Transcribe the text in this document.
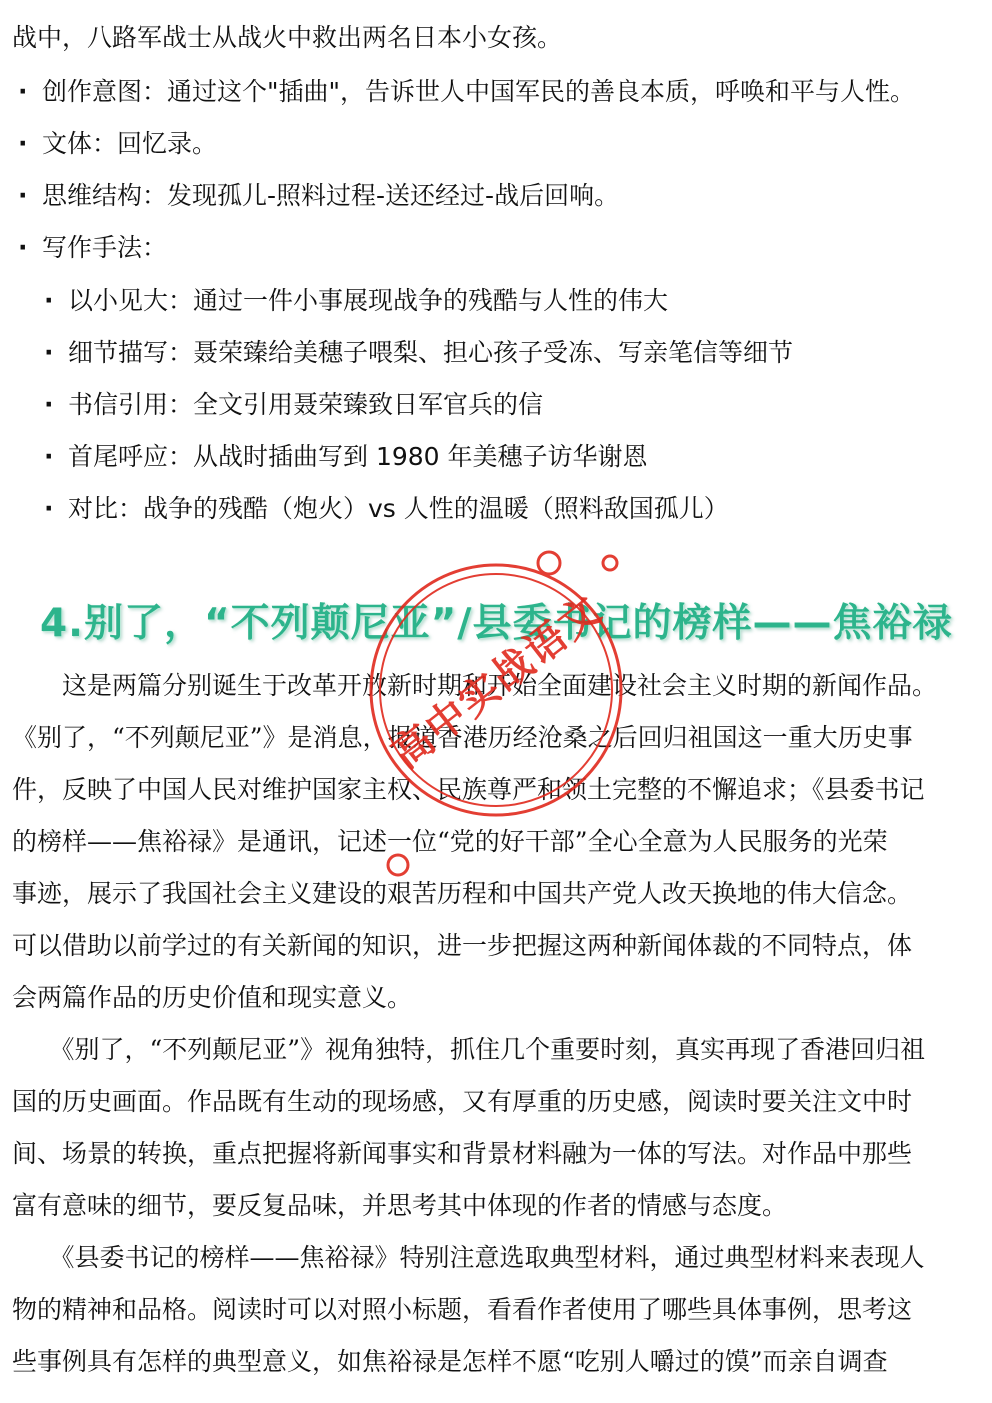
战中，八路军战士从战火中救出两名日本小女孩。
· 创作意图：通过这个"插曲"，告诉世人中国军民的善良本质，呼唤和平与人性。
· 文体：回忆录。
· 思维结构：发现孤儿-照料过程-送还经过-战后回响。
· 写作手法：
· 以小见大：通过一件小事展现战争的残酷与人性的伟大
· 细节描写：聂荣臻给美穗子喂梨、担心孩子受冻、写亲笔信等细节
· 书信引用：全文引用聂荣臻致日军官兵的信
· 首尾呼应：从战时插曲写到 1980 年美穗子访华谢恩
· 对比：战争的残酷（炮火）vs 人性的温暖（照料敌国孤儿）
4.别了，“不列颠尼亚”/县委书记的榜样——焦裕禄
　　这是两篇分别诞生于改革开放新时期和开始全面建设社会主义时期的新闻作品。
《别了，“不列颠尼亚”》是消息，报道香港历经沧桑之后回归祖国这一重大历史事
件，反映了中国人民对维护国家主权、民族尊严和领土完整的不懈追求；《县委书记
的榜样——焦裕禄》是通讯，记述一位“党的好干部”全心全意为人民服务的光荣
事迹，展示了我国社会主义建设的艰苦历程和中国共产党人改天换地的伟大信念。
可以借助以前学过的有关新闻的知识，进一步把握这两种新闻体裁的不同特点，体
会两篇作品的历史价值和现实意义。
　　《别了，“不列颠尼亚”》视角独特，抓住几个重要时刻，真实再现了香港回归祖
国的历史画面。作品既有生动的现场感，又有厚重的历史感，阅读时要关注文中时
间、场景的转换，重点把握将新闻事实和背景材料融为一体的写法。对作品中那些
富有意味的细节，要反复品味，并思考其中体现的作者的情感与态度。
　　《县委书记的榜样——焦裕禄》特别注意选取典型材料，通过典型材料来表现人
物的精神和品格。阅读时可以对照小标题，看看作者使用了哪些具体事例，思考这
些事例具有怎样的典型意义，如焦裕禄是怎样不愿“吃别人嚼过的馍”而亲自调查
高中实战语文
